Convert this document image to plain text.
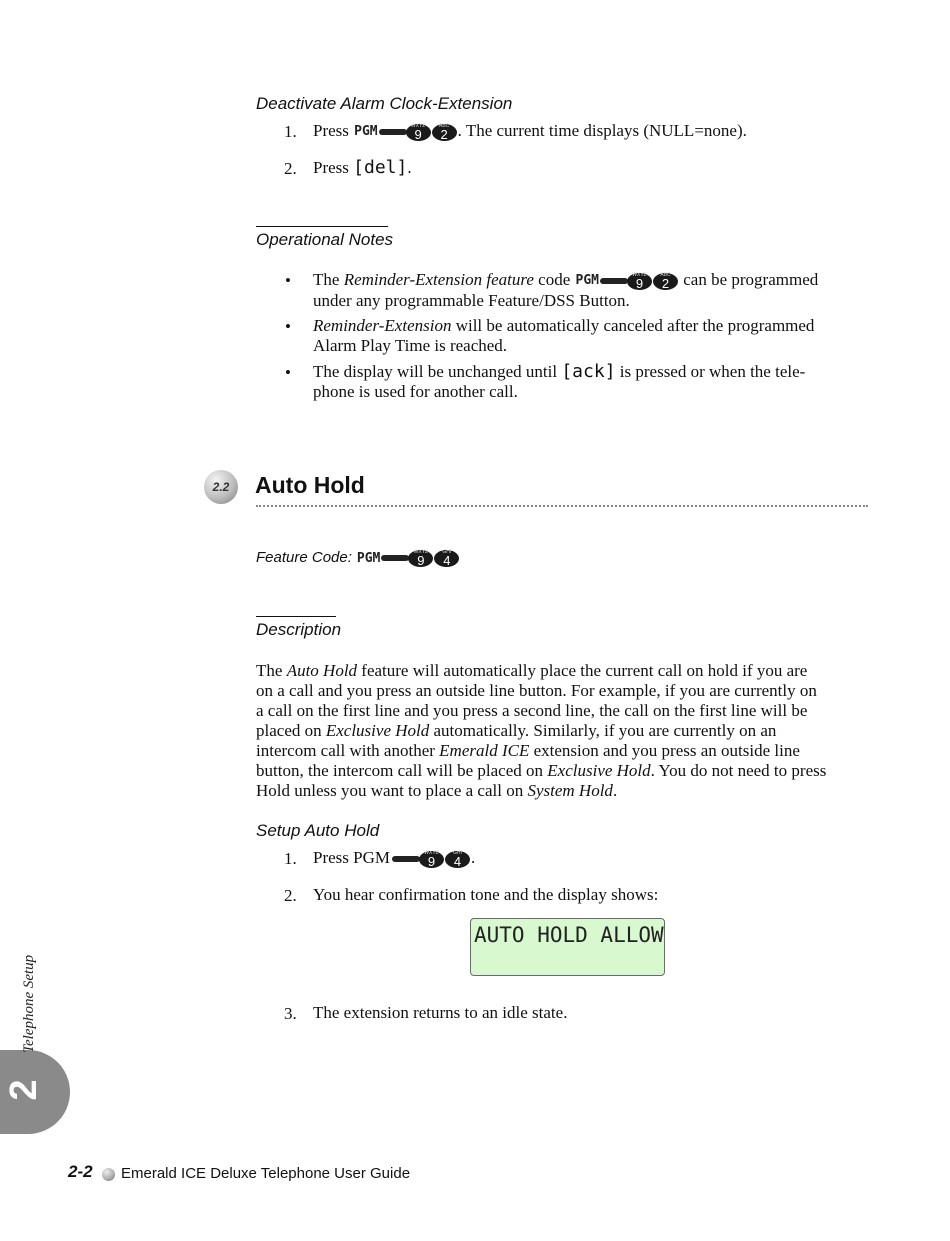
Deactivate Alarm Clock-Extension
1. Press PGM	WXYZ
9
ABC
2 . The current time displays (NULL=none).
2. Press [del].
Operational Notes
• The Reminder-Extension feature code PGM	WXYZ
9
ABC
2 can be programmed
under any programmable Feature/DSS Button.
• Reminder-Extension will be automatically canceled after the programmed
Alarm Play Time is reached.
• The display will be unchanged until [ack] is pressed or when the tele-
phone is used for another call.
2.2	Auto Hold
Feature Code: PGM	WXYZ
9
GHI
4
Description

The Auto Hold feature will automatically place the current call on hold if you are

on a call and you press an outside line button. For example, if you are currently on

a call on the first line and you press a second line, the call on the first line will be

placed on Exclusive Hold automatically. Similarly, if you are currently on an

intercom call with another Emerald ICE extension and you press an outside line

button, the intercom call will be placed on Exclusive Hold. You do not need to press

Hold unless you want to place a call on System Hold.

Setup Auto Hold
1. Press PGM	WXYZ
9
GHI
4 .
2. You hear confirmation tone and the display shows:
AUTO HOLD ALLOW
3. The extension returns to an idle state.
2
Telephone Setup
2-2 Emerald ICE Deluxe Telephone User Guide
